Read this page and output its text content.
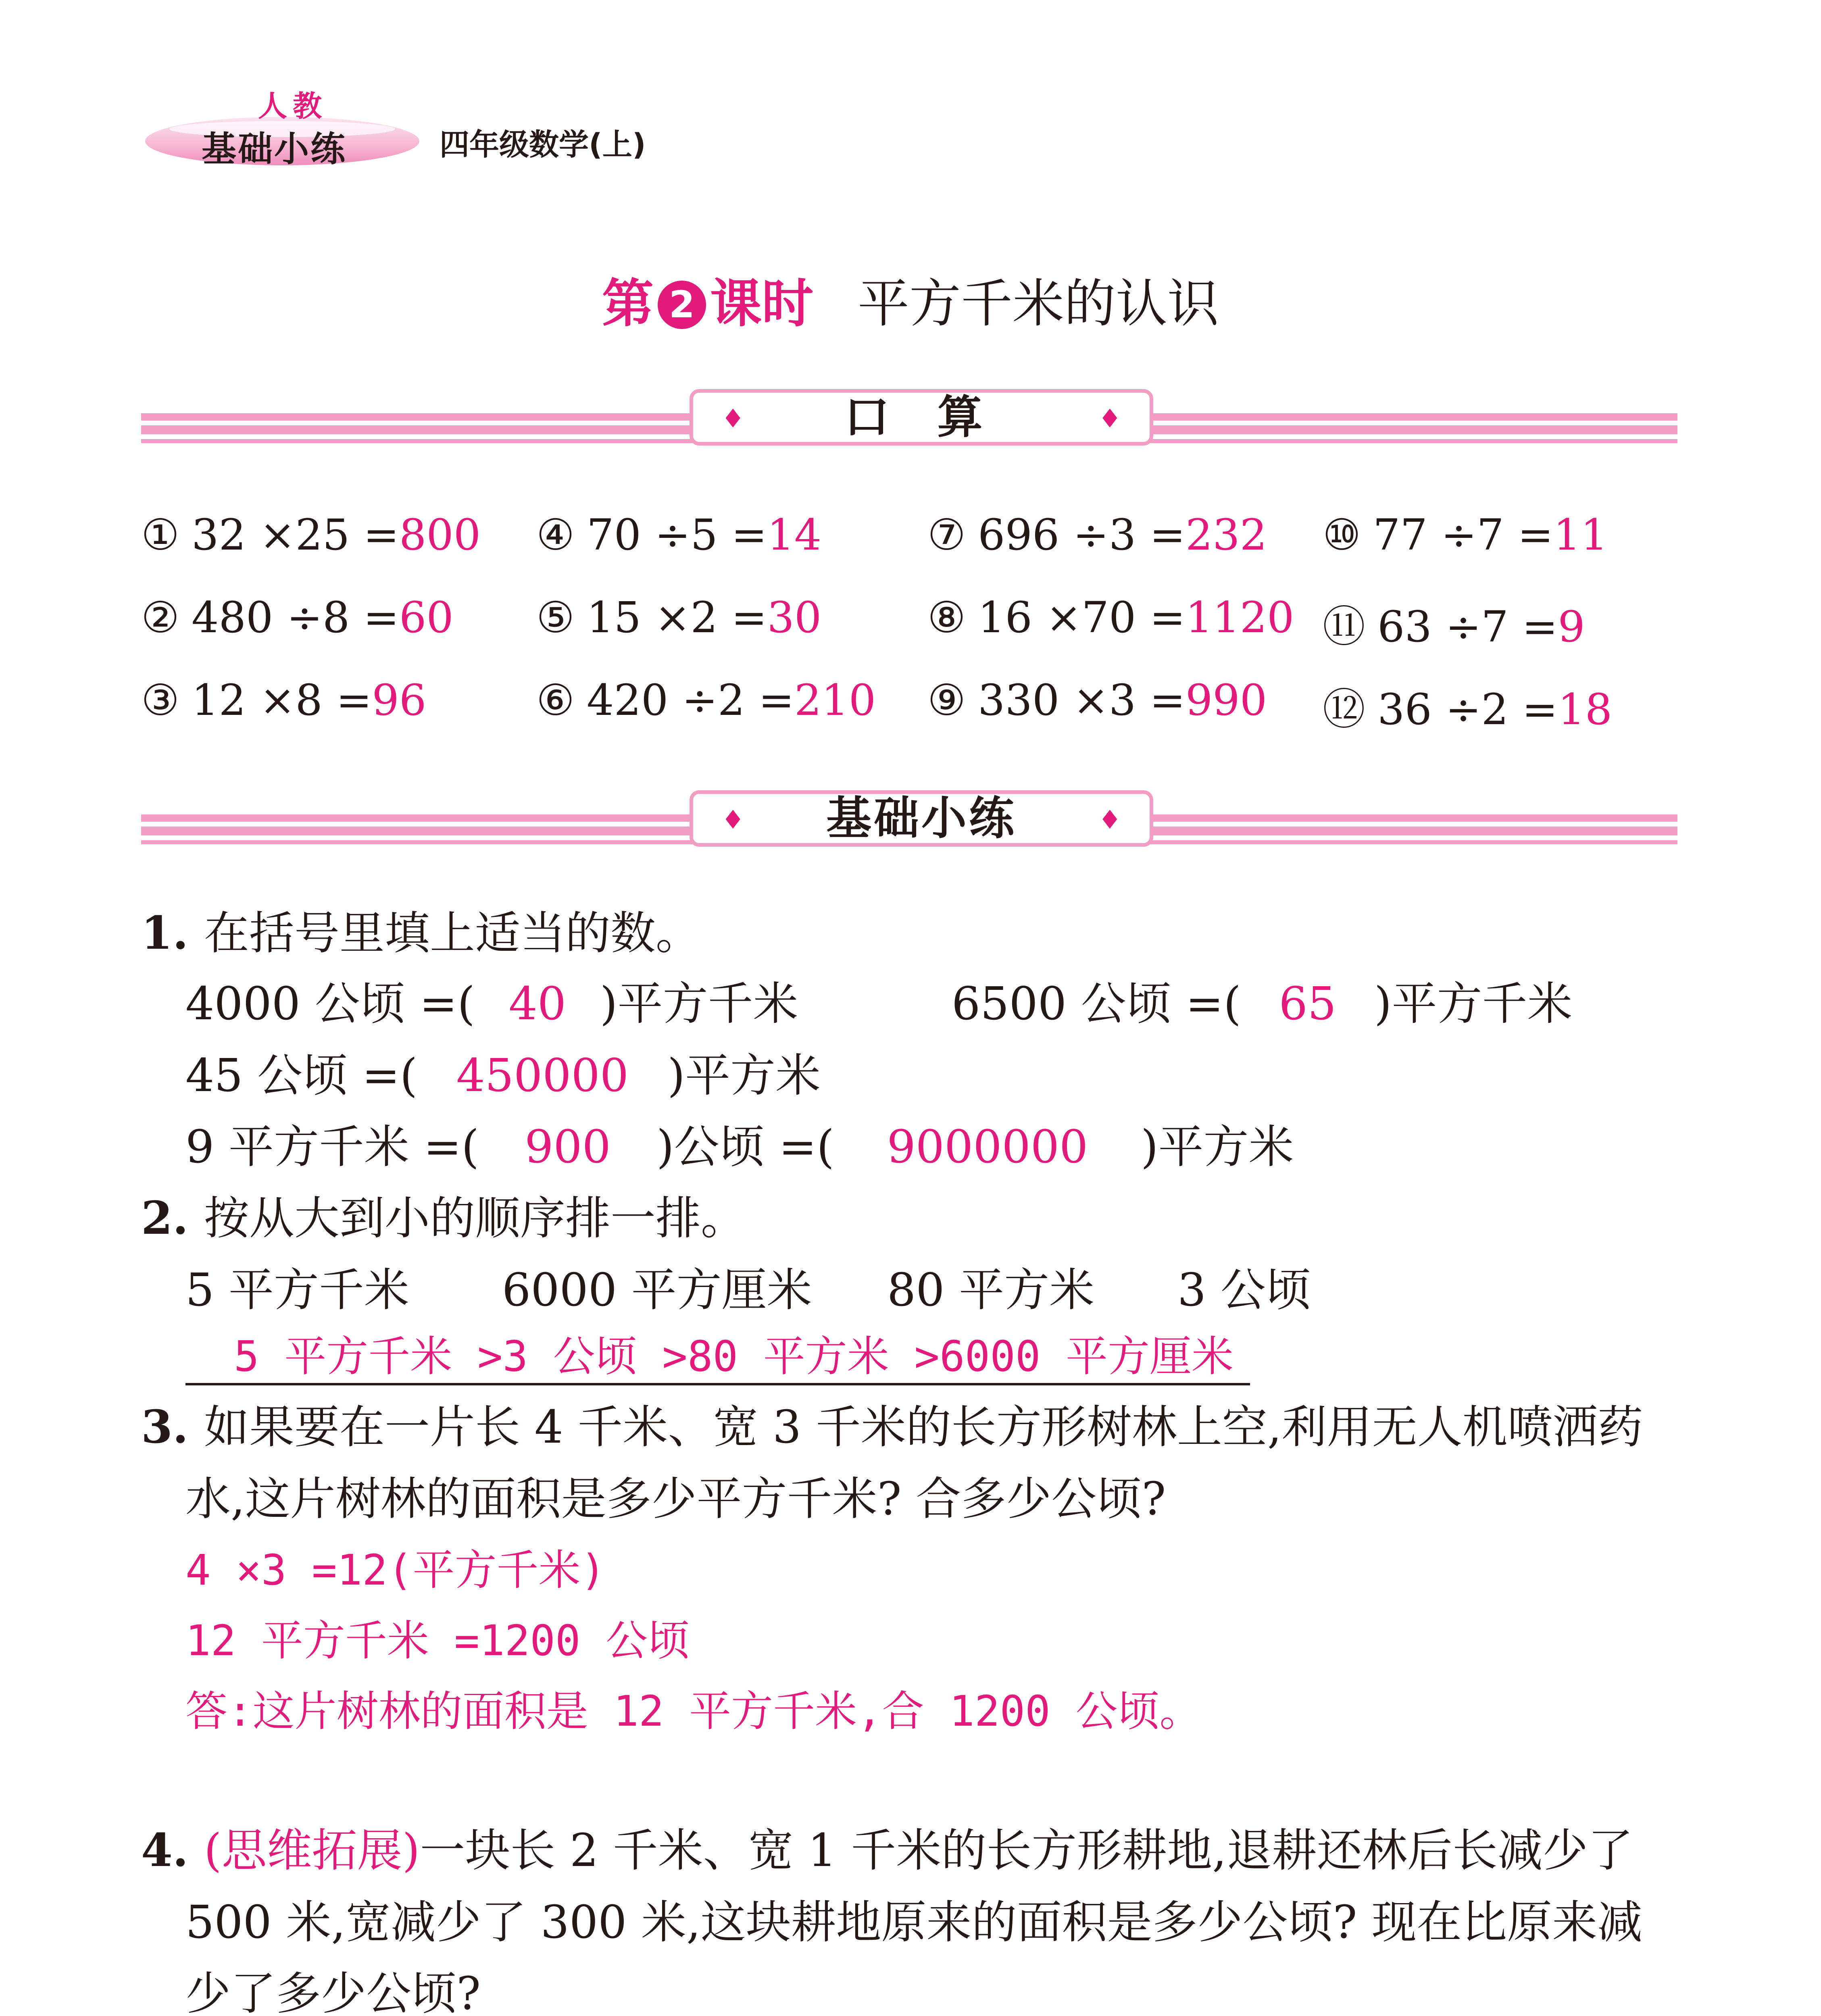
人教
基础小练	四年级数学(上)
第 2 课时 平方千米的认识
♦ 口 算	♦
① 32 ×25 =800 ④ 70 ÷5 =14 ⑦ 696 ÷3 =232 ⑩ 77 ÷7 =11
② 480 ÷8 =60 ⑤ 15 ×2 =30 ⑧ 16 ×70 =1120 ⑪ 63 ÷7 =9
③ 12 ×8 =96	⑥ 420 ÷2 =210 ⑨ 330 ×3 =990 ⑫ 36 ÷2 =18
♦ 基础小练	♦
1. 在括号里填上适当的数。
4000 公顷 =( 40 )平方千米	6500 公顷 =( 65 )平方千米
45 公顷 =( 450000 )平方米
9 平方千米 =( 900 )公顷 =( 9000000 )平方米
2. 按从大到小的顺序排一排。
5 平方千米 6000 平方厘米 80 平方米 3 公顷
5 平方千米 >3 公顷 >80 平方米 >6000 平方厘米
3. 如果要在一片长 4 千米、宽 3 千米的长方形树林上空,利用无人机喷洒药
水,这片树林的面积是多少平方千米? 合多少公顷?
4 ×3 =12(平方千米)
12 平方千米 =1200 公顷
答:这片树林的面积是 12 平方千米,合 1200 公顷。
4. (思维拓展)一块长 2 千米、宽 1 千米的长方形耕地,退耕还林后长减少了
500 米,宽减少了 300 米,这块耕地原来的面积是多少公顷? 现在比原来减
少了多少公顷?
